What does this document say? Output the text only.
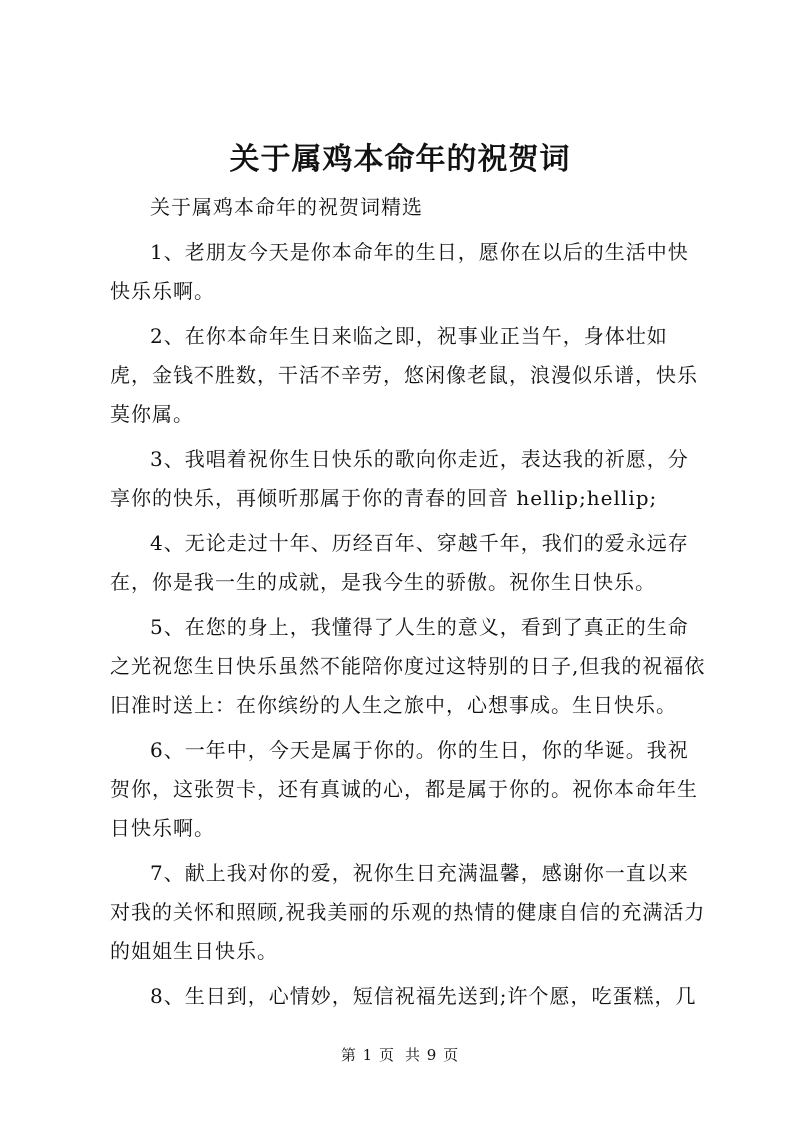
关于属鸡本命年的祝贺词

关于属鸡本命年的祝贺词精选

1、老朋友今天是你本命年的生日，愿你在以后的生活中快快乐乐啊。

2、在你本命年生日来临之即，祝事业正当午，身体壮如虎，金钱不胜数，干活不辛劳，悠闲像老鼠，浪漫似乐谱，快乐莫你属。

3、我唱着祝你生日快乐的歌向你走近，表达我的祈愿，分享你的快乐，再倾听那属于你的青春的回音 hellip;hellip;

4、无论走过十年、历经百年、穿越千年，我们的爱永远存在，你是我一生的成就，是我今生的骄傲。祝你生日快乐。

5、在您的身上，我懂得了人生的意义，看到了真正的生命之光祝您生日快乐虽然不能陪你度过这特别的日子,但我的祝福依旧准时送上：在你缤纷的人生之旅中，心想事成。生日快乐。

6、一年中，今天是属于你的。你的生日，你的华诞。我祝贺你，这张贺卡，还有真诚的心，都是属于你的。祝你本命年生日快乐啊。

7、献上我对你的爱，祝你生日充满温馨，感谢你一直以来对我的关怀和照顾,祝我美丽的乐观的热情的健康自信的充满活力的姐姐生日快乐。

8、生日到，心情妙，短信祝福先送到;许个愿，吃蛋糕，几

第 1 页 共 9 页
